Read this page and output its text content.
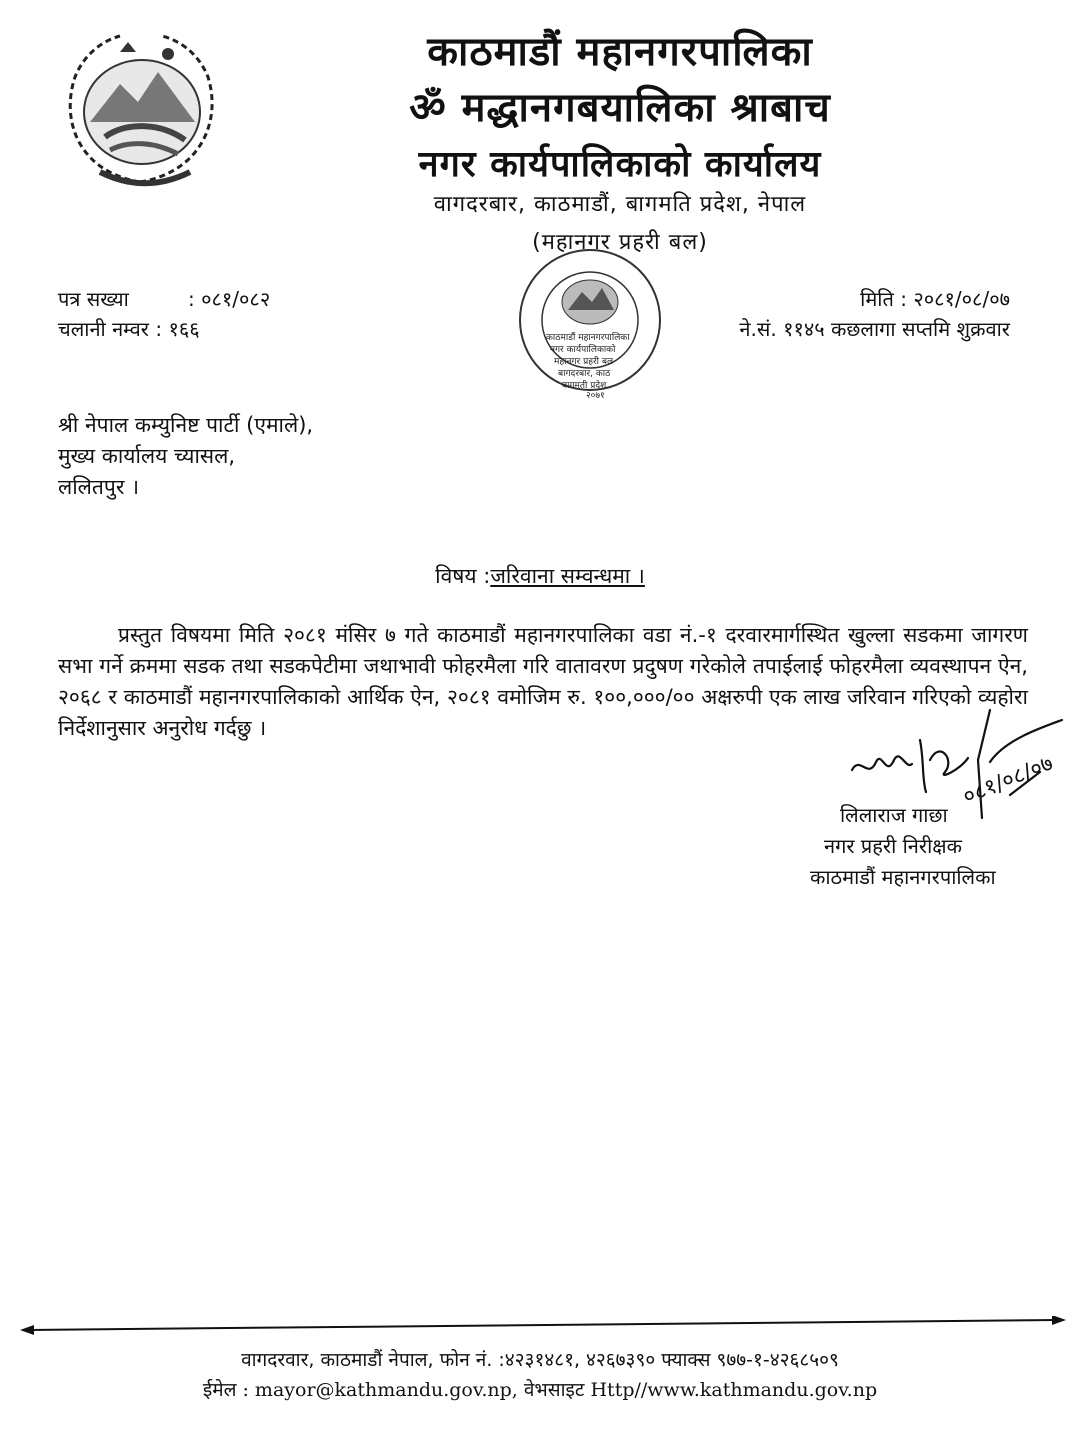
काठमाडौं महानगरपालिका
ॐ मद्धानगबयालिका श्राबाच
नगर कार्यपालिकाको कार्यालय
वागदरबार, काठमाडौं, बागमति प्रदेश, नेपाल
(महानगर प्रहरी बल)
पत्र सख्या	: ०८१/०८२
चलानी नम्वर : १६६	काठमाडौं महानगरपालिका
नगर कार्यपालिकाको
महानगर प्रहरी बल
बागदरबार, काठ
बागमती प्रदेश
२०७१
मिति : २०८१/०८/०७
ने.सं. ११४५ कछलागा सप्तमि शुक्रवार
श्री नेपाल कम्युनिष्ट पार्टी (एमाले),
मुख्य कार्यालय च्यासल,
ललितपुर ।
विषय :जरिवाना सम्वन्धमा ।
प्रस्तुत विषयमा मिति २०८१ मंसिर ७ गते काठमाडौं महानगरपालिका वडा नं.-१ दरवारमार्गस्थित खुल्ला सडकमा जागरण सभा गर्ने क्रममा सडक तथा सडकपेटीमा जथाभावी फोहरमैला गरि वातावरण प्रदुषण गरेकोले तपाईलाई फोहरमैला व्यवस्थापन ऐन, २०६८ र काठमाडौं महानगरपालिकाको आर्थिक ऐन, २०८१ वमोजिम रु. १००,०००/०० अक्षरुपी एक लाख जरिवान गरिएको व्यहोरा निर्देशानुसार अनुरोध गर्दछु ।
०८१/०८/०७
लिलाराज गाछा
नगर प्रहरी निरीक्षक
काठमाडौं महानगरपालिका
वागदरवार, काठमाडौं नेपाल, फोन नं. :४२३१४८१, ४२६७३९० फ्याक्स ९७७-१-४२६८५०९
ईमेल : mayor@kathmandu.gov.np, वेभसाइट Http//www.kathmandu.gov.np
